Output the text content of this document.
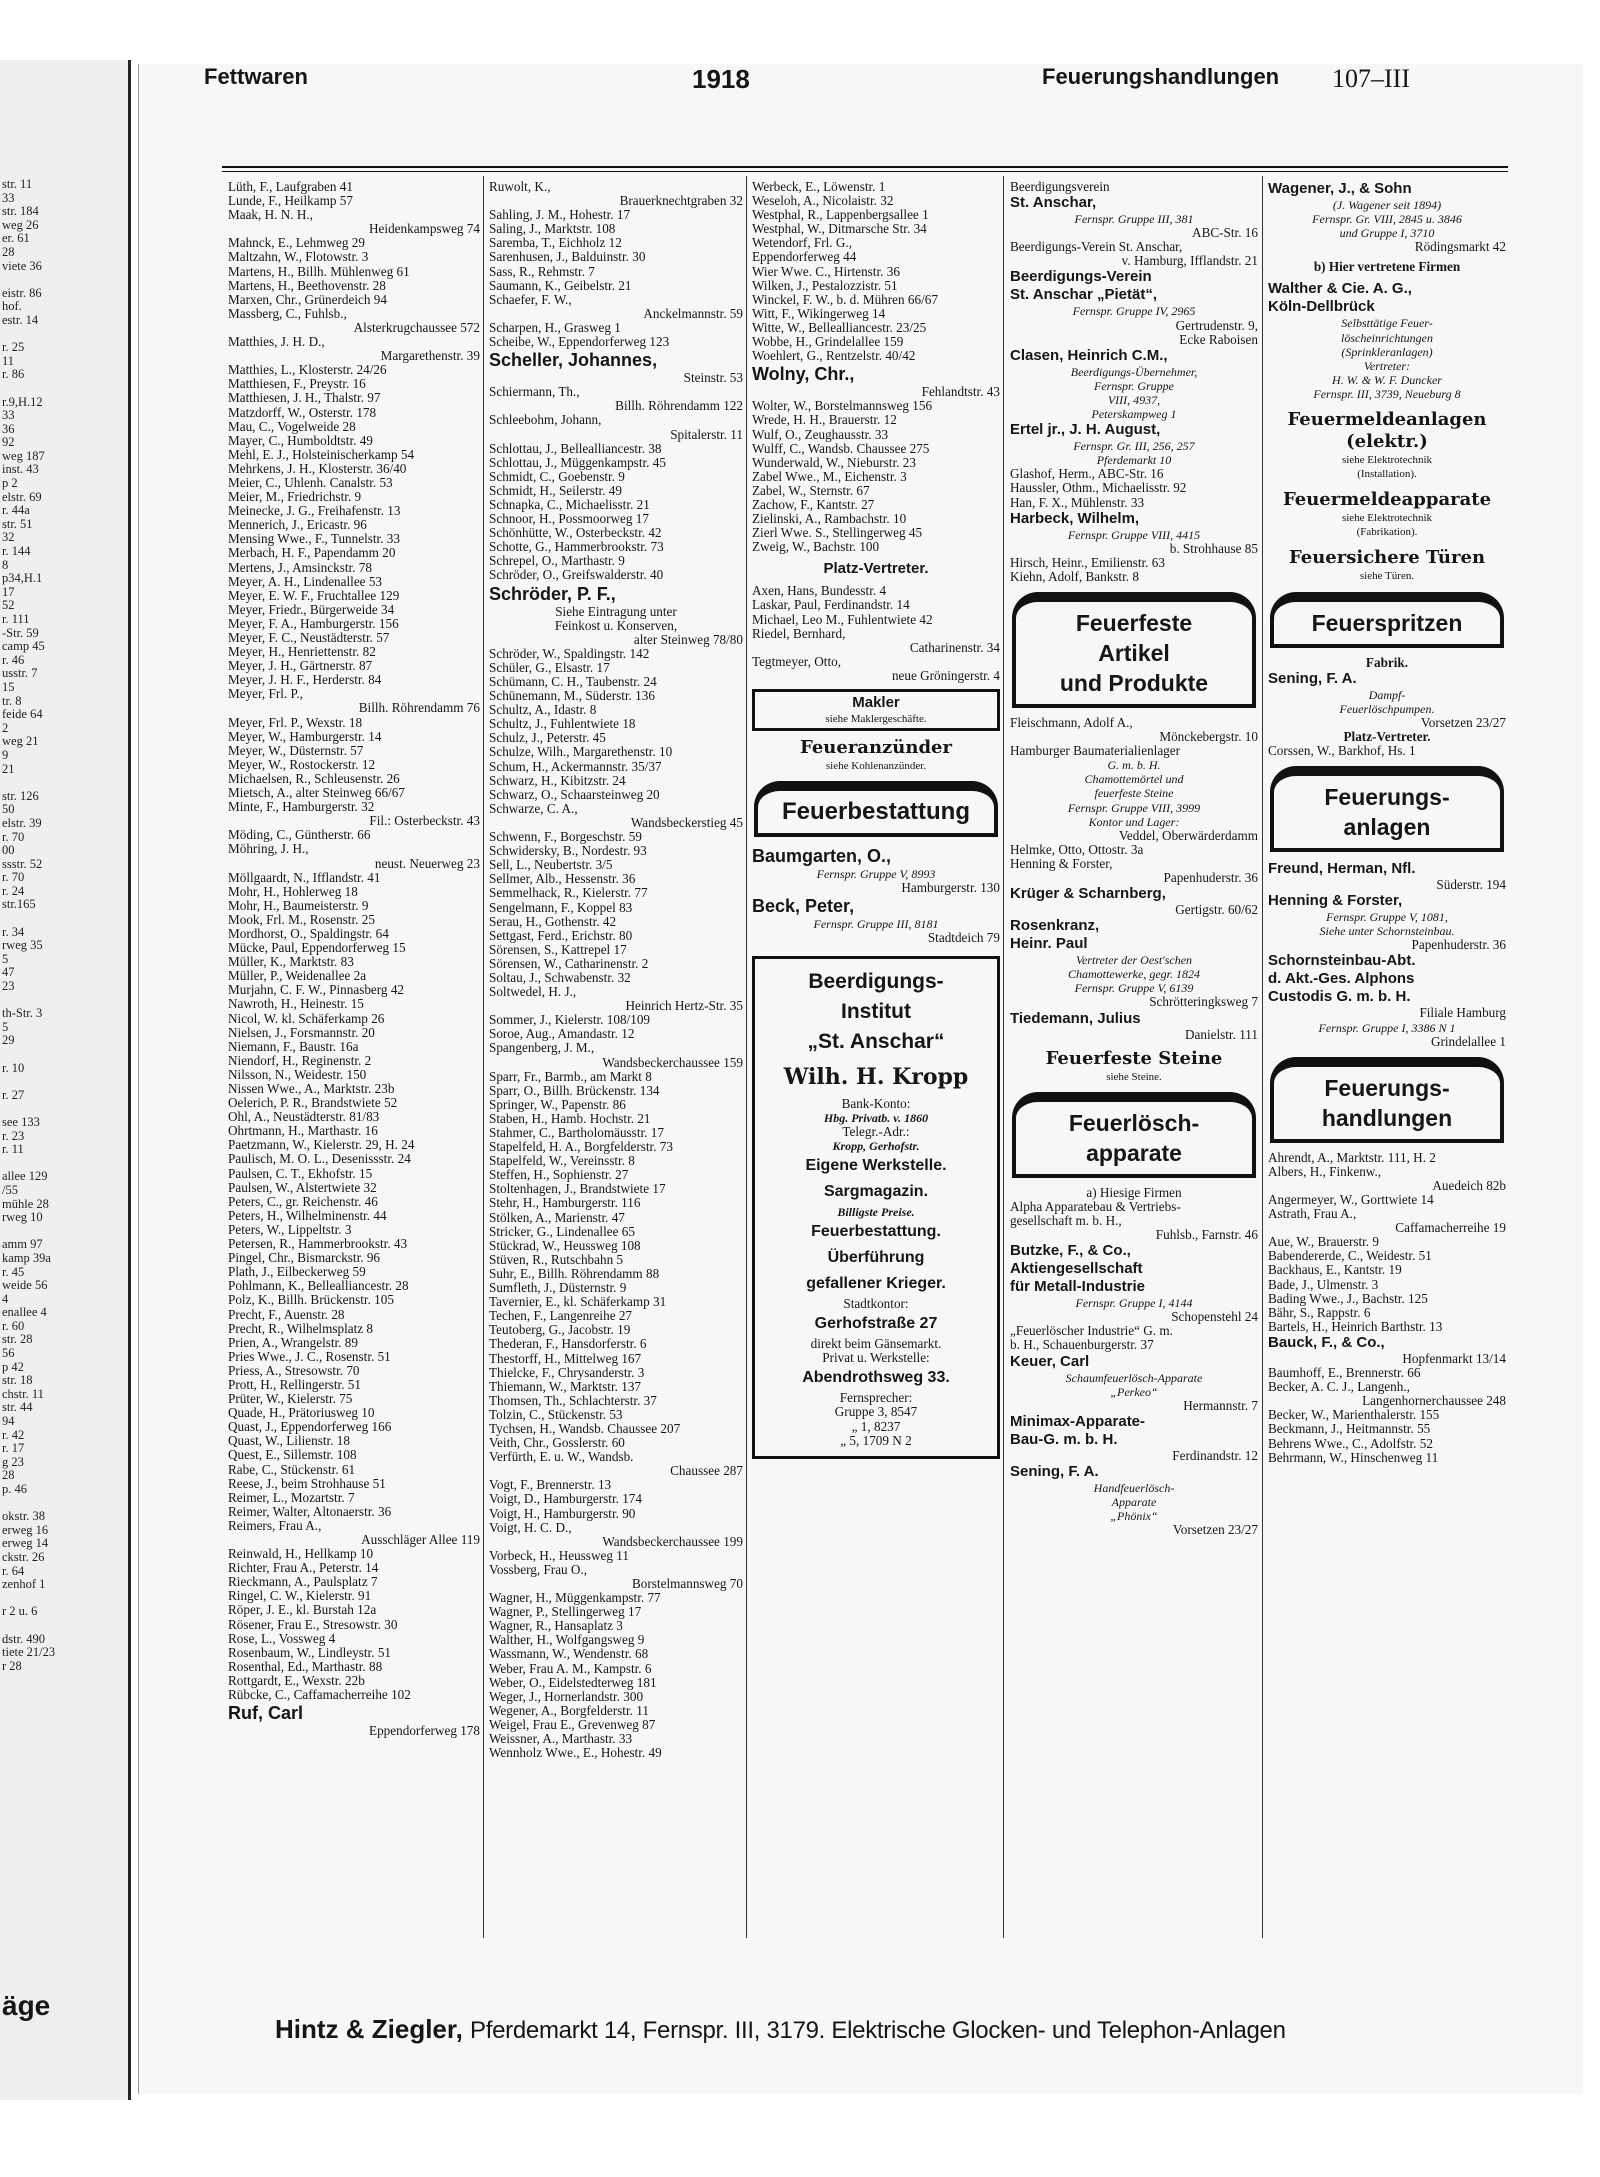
str. 11
33
str. 184
weg 26
er. 61
28
viete 36

eistr. 86
hof.
estr. 14

r. 25
11
r. 86

r.9,H.12
33
36
92
weg 187
inst. 43
p 2
elstr. 69
r. 44a
str. 51
32
r. 144
8
p34,H.1
17
52
r. 111
-Str. 59
camp 45
r. 46
usstr. 7
15
tr. 8
feide 64
2
weg 21
9
21

str. 126
50
elstr. 39
r. 70
00
ssstr. 52
r. 70
r. 24
str.165

r. 34
rweg 35
5
47
23

th-Str. 3
5
29

r. 10

r. 27

see 133
r. 23
r. 11

allee 129
/55
mühle 28
rweg 10

amm 97
kamp 39a
r. 45
weide 56
4
enallee 4
r. 60
str. 28
56
p 42
str. 18
chstr. 11
str. 44
94
r. 42
r. 17
g 23
28
p. 46

okstr. 38
erweg 16
erweg 14
ckstr. 26
r. 64
zenhof 1

r 2 u. 6

dstr. 490
tiete 21/23
r 28
äge
Fettwaren	1918	Feuerungshandlungen 107–III
Lüth, F., Laufgraben 41
Lunde, F., Heilkamp 57
Maak, H. N. H.,
Heidenkampsweg 74
Mahnck, E., Lehmweg 29
Maltzahn, W., Flotowstr. 3
Martens, H., Billh. Mühlenweg 61
Martens, H., Beethovenstr. 28
Marxen, Chr., Grünerdeich 94
Massberg, C., Fuhlsb.,
Alsterkrugchaussee 572
Matthies, J. H. D.,
Margarethenstr. 39
Matthies, L., Klosterstr. 24/26
Matthiesen, F., Preystr. 16
Matthiesen, J. H., Thalstr. 97
Matzdorff, W., Osterstr. 178
Mau, C., Vogelweide 28
Mayer, C., Humboldtstr. 49
Mehl, E. J., Holsteinischerkamp 54
Mehrkens, J. H., Klosterstr. 36/40
Meier, C., Uhlenh. Canalstr. 53
Meier, M., Friedrichstr. 9
Meinecke, J. G., Freihafenstr. 13
Mennerich, J., Ericastr. 96
Mensing Wwe., F., Tunnelstr. 33
Merbach, H. F., Papendamm 20
Mertens, J., Amsinckstr. 78
Meyer, A. H., Lindenallee 53
Meyer, E. W. F., Fruchtallee 129
Meyer, Friedr., Bürgerweide 34
Meyer, F. A., Hamburgerstr. 156
Meyer, F. C., Neustädterstr. 57
Meyer, H., Henriettenstr. 82
Meyer, J. H., Gärtnerstr. 87
Meyer, J. H. F., Herderstr. 84
Meyer, Frl. P.,
Billh. Röhrendamm 76
Meyer, Frl. P., Wexstr. 18
Meyer, W., Hamburgerstr. 14
Meyer, W., Düsternstr. 57
Meyer, W., Rostockerstr. 12
Michaelsen, R., Schleusenstr. 26
Mietsch, A., alter Steinweg 66/67
Minte, F., Hamburgerstr. 32
Fil.: Osterbeckstr. 43
Möding, C., Güntherstr. 66
Möhring, J. H.,
neust. Neuerweg 23
Möllgaardt, N., Ifflandstr. 41
Mohr, H., Hohlerweg 18
Mohr, H., Baumeisterstr. 9
Mook, Frl. M., Rosenstr. 25
Mordhorst, O., Spaldingstr. 64
Mücke, Paul, Eppendorferweg 15
Müller, K., Marktstr. 83
Müller, P., Weidenallee 2a
Murjahn, C. F. W., Pinnasberg 42
Nawroth, H., Heinestr. 15
Nicol, W. kl. Schäferkamp 26
Nielsen, J., Forsmannstr. 20
Niemann, F., Baustr. 16a
Niendorf, H., Reginenstr. 2
Nilsson, N., Weidestr. 150
Nissen Wwe., A., Marktstr. 23b
Oelerich, P. R., Brandstwiete 52
Ohl, A., Neustädterstr. 81/83
Ohrtmann, H., Marthastr. 16
Paetzmann, W., Kielerstr. 29, H. 24
Paulisch, M. O. L., Desenissstr. 24
Paulsen, C. T., Ekhofstr. 15
Paulsen, W., Alstertwiete 32
Peters, C., gr. Reichenstr. 46
Peters, H., Wilhelminenstr. 44
Peters, W., Lippeltstr. 3
Petersen, R., Hammerbrookstr. 43
Pingel, Chr., Bismarckstr. 96
Plath, J., Eilbeckerweg 59
Pohlmann, K., Bellealliancestr. 28
Polz, K., Billh. Brückenstr. 105
Precht, F., Auenstr. 28
Precht, R., Wilhelmsplatz 8
Prien, A., Wrangelstr. 89
Pries Wwe., J. C., Rosenstr. 51
Priess, A., Stresowstr. 70
Prott, H., Rellingerstr. 51
Prüter, W., Kielerstr. 75
Quade, H., Prätoriusweg 10
Quast, J., Eppendorferweg 166
Quast, W., Lilienstr. 18
Quest, E., Sillemstr. 108
Rabe, C., Stückenstr. 61
Reese, J., beim Strohhause 51
Reimer, L., Mozartstr. 7
Reimer, Walter, Altonaerstr. 36
Reimers, Frau A.,
Ausschläger Allee 119
Reinwald, H., Hellkamp 10
Richter, Frau A., Peterstr. 14
Rieckmann, A., Paulsplatz 7
Ringel, C. W., Kielerstr. 91
Röper, J. E., kl. Burstah 12a
Rösener, Frau E., Stresowstr. 30
Rose, L., Vossweg 4
Rosenbaum, W., Lindleystr. 51
Rosenthal, Ed., Marthastr. 88
Rottgardt, E., Wexstr. 22b
Rübcke, C., Caffamacherreihe 102
Ruf, Carl
Eppendorferweg 178
Ruwolt, K.,
Brauerknechtgraben 32
Sahling, J. M., Hohestr. 17
Saling, J., Marktstr. 108
Saremba, T., Eichholz 12
Sarenhusen, J., Balduinstr. 30
Sass, R., Rehmstr. 7
Saumann, K., Geibelstr. 21
Schaefer, F. W.,
Anckelmannstr. 59
Scharpen, H., Grasweg 1
Scheibe, W., Eppendorferweg 123
Scheller, Johannes,
Steinstr. 53
Schiermann, Th.,
Billh. Röhrendamm 122
Schleebohm, Johann,
Spitalerstr. 11
Schlottau, J., Bellealliancestr. 38
Schlottau, J., Müggenkampstr. 45
Schmidt, C., Goebenstr. 9
Schmidt, H., Seilerstr. 49
Schnapka, C., Michaelisstr. 21
Schnoor, H., Possmoorweg 17
Schönhütte, W., Osterbeckstr. 42
Schotte, G., Hammerbrookstr. 73
Schrepel, O., Marthastr. 9
Schröder, O., Greifswalderstr. 40
Schröder, P. F.,
Siehe Eintragung unter
Feinkost u. Konserven,
alter Steinweg 78/80
Schröder, W., Spaldingstr. 142
Schüler, G., Elsastr. 17
Schümann, C. H., Taubenstr. 24
Schünemann, M., Süderstr. 136
Schultz, A., Idastr. 8
Schultz, J., Fuhlentwiete 18
Schulz, J., Peterstr. 45
Schulze, Wilh., Margarethenstr. 10
Schum, H., Ackermannstr. 35/37
Schwarz, H., Kibitzstr. 24
Schwarz, O., Schaarsteinweg 20
Schwarze, C. A.,
Wandsbeckerstieg 45
Schwenn, F., Borgeschstr. 59
Schwidersky, B., Nordestr. 93
Sell, L., Neubertstr. 3/5
Sellmer, Alb., Hessenstr. 36
Semmelhack, R., Kielerstr. 77
Sengelmann, F., Koppel 83
Serau, H., Gothenstr. 42
Settgast, Ferd., Erichstr. 80
Sörensen, S., Kattrepel 17
Sörensen, W., Catharinenstr. 2
Soltau, J., Schwabenstr. 32
Soltwedel, H. J.,
Heinrich Hertz-Str. 35
Sommer, J., Kielerstr. 108/109
Soroe, Aug., Amandastr. 12
Spangenberg, J. M.,
Wandsbeckerchaussee 159
Sparr, Fr., Barmb., am Markt 8
Sparr, O., Billh. Brückenstr. 134
Springer, W., Papenstr. 86
Staben, H., Hamb. Hochstr. 21
Stahmer, C., Bartholomäusstr. 17
Stapelfeld, H. A., Borgfelderstr. 73
Stapelfeld, W., Vereinsstr. 8
Steffen, H., Sophienstr. 27
Stoltenhagen, J., Brandstwiete 17
Stehr, H., Hamburgerstr. 116
Stölken, A., Marienstr. 47
Stricker, G., Lindenallee 65
Stückrad, W., Heussweg 108
Stüven, R., Rutschbahn 5
Suhr, E., Billh. Röhrendamm 88
Sumfleth, J., Düsternstr. 9
Tavernier, E., kl. Schäferkamp 31
Techen, F., Langenreihe 27
Teutoberg, G., Jacobstr. 19
Thederan, F., Hansdorferstr. 6
Thestorff, H., Mittelweg 167
Thielcke, F., Chrysanderstr. 3
Thiemann, W., Marktstr. 137
Thomsen, Th., Schlachterstr. 37
Tolzin, C., Stückenstr. 53
Tychsen, H., Wandsb. Chaussee 207
Veith, Chr., Gosslerstr. 60
Verfürth, E. u. W., Wandsb.
Chaussee 287
Vogt, F., Brennerstr. 13
Voigt, D., Hamburgerstr. 174
Voigt, H., Hamburgerstr. 90
Voigt, H. C. D.,
Wandsbeckerchaussee 199
Vorbeck, H., Heussweg 11
Vossberg, Frau O.,
Borstelmannsweg 70
Wagner, H., Müggenkampstr. 77
Wagner, P., Stellingerweg 17
Wagner, R., Hansaplatz 3
Walther, H., Wolfgangsweg 9
Wassmann, W., Wendenstr. 68
Weber, Frau A. M., Kampstr. 6
Weber, O., Eidelstedterweg 181
Weger, J., Hornerlandstr. 300
Wegener, A., Borgfelderstr. 11
Weigel, Frau E., Grevenweg 87
Weissner, A., Marthastr. 33
Wennholz Wwe., E., Hohestr. 49
Werbeck, E., Löwenstr. 1
Weseloh, A., Nicolaistr. 32
Westphal, R., Lappenbergsallee 1
Westphal, W., Ditmarsche Str. 34
Wetendorf, Frl. G.,
Eppendorferweg 44
Wier Wwe. C., Hirtenstr. 36
Wilken, J., Pestalozzistr. 51
Winckel, F. W., b. d. Mühren 66/67
Witt, F., Wikingerweg 14
Witte, W., Bellealliancestr. 23/25
Wobbe, H., Grindelallee 159
Woehlert, G., Rentzelstr. 40/42
Wolny, Chr.,
Fehlandtstr. 43
Wolter, W., Borstelmannsweg 156
Wrede, H. H., Brauerstr. 12
Wulf, O., Zeughausstr. 33
Wulff, C., Wandsb. Chaussee 275
Wunderwald, W., Nieburstr. 23
Zabel Wwe., M., Eichenstr. 3
Zabel, W., Sternstr. 67
Zachow, F., Kantstr. 27
Zielinski, A., Rambachstr. 10
Zierl Wwe. S., Stellingerweg 45
Zweig, W., Bachstr. 100
Platz-Vertreter.
Axen, Hans, Bundesstr. 4
Laskar, Paul, Ferdinandstr. 14
Michael, Leo M., Fuhlentwiete 42
Riedel, Bernhard,
Catharinenstr. 34
Tegtmeyer, Otto,
neue Gröningerstr. 4
Makler
siehe Maklergeschäfte.
Feueranzünder
siehe Kohlenanzünder.
Feuerbestattung
Baumgarten, O.,
Fernspr. Gruppe V, 8993
Hamburgerstr. 130
Beck, Peter,
Fernspr. Gruppe III, 8181
Stadtdeich 79
Beerdigungs-
Institut
„St. Anschar“
Wilh. H. Kropp
Bank-Konto:
Hbg. Privatb. v. 1860
Telegr.-Adr.:
Kropp, Gerhofstr.
Eigene Werkstelle.
Sargmagazin.
Billigste Preise.
Feuerbestattung.
Überführung
gefallener Krieger.
Stadtkontor:
Gerhofstraße 27
direkt beim Gänsemarkt.
Privat u. Werkstelle:
Abendrothsweg 33.
Fernsprecher:
Gruppe 3, 8547
„ 1, 8237
„ 5, 1709 N 2
Beerdigungsverein
St. Anschar,
Fernspr. Gruppe III, 381
ABC-Str. 16
Beerdigungs-Verein St. Anschar,
v. Hamburg, Ifflandstr. 21
Beerdigungs-Verein
St. Anschar „Pietät“,
Fernspr. Gruppe IV, 2965
Gertrudenstr. 9,
Ecke Raboisen
Clasen, Heinrich C.M.,
Beerdigungs-Übernehmer,
Fernspr. Gruppe
VIII, 4937,
Peterskampweg 1
Ertel jr., J. H. August,
Fernspr. Gr. III, 256, 257
Pferdemarkt 10
Glashof, Herm., ABC-Str. 16
Haussler, Othm., Michaelisstr. 92
Han, F. X., Mühlenstr. 33
Harbeck, Wilhelm,
Fernspr. Gruppe VIII, 4415
b. Strohhause 85
Hirsch, Heinr., Emilienstr. 63
Kiehn, Adolf, Bankstr. 8
Feuerfeste
Artikel
und Produkte
Fleischmann, Adolf A.,
Mönckebergstr. 10
Hamburger Baumaterialienlager
G. m. b. H.
Chamottemörtel und
feuerfeste Steine
Fernspr. Gruppe VIII, 3999
Kontor und Lager:
Veddel, Oberwärderdamm
Helmke, Otto, Ottostr. 3a
Henning & Forster,
Papenhuderstr. 36
Krüger & Scharnberg,
Gertigstr. 60/62
Rosenkranz,
Heinr. Paul
Vertreter der Oest'schen
Chamottewerke, gegr. 1824
Fernspr. Gruppe V, 6139
Schrötteringksweg 7
Tiedemann, Julius
Danielstr. 111
Feuerfeste Steine
siehe Steine.
Feuerlösch-
apparate
a) Hiesige Firmen
Alpha Apparatebau & Vertriebs-
gesellschaft m. b. H.,
Fuhlsb., Farnstr. 46
Butzke, F., & Co.,
Aktiengesellschaft
für Metall-Industrie
Fernspr. Gruppe I, 4144
Schopenstehl 24
„Feuerlöscher Industrie“ G. m.
b. H., Schauenburgerstr. 37
Keuer, Carl
Schaumfeuerlösch-Apparate
„Perkeo“
Hermannstr. 7
Minimax-Apparate-
Bau-G. m. b. H.
Ferdinandstr. 12
Sening, F. A.
Handfeuerlösch-
Apparate
„Phönix“
Vorsetzen 23/27
Wagener, J., & Sohn
(J. Wagener seit 1894)
Fernspr. Gr. VIII, 2845 u. 3846
und Gruppe I, 3710
Rödingsmarkt 42
b) Hier vertretene Firmen
Walther & Cie. A. G.,
Köln-Dellbrück
Selbsttätige Feuer-
löscheinrichtungen
(Sprinkleranlagen)
Vertreter:
H. W. & W. F. Duncker
Fernspr. III, 3739, Neueburg 8
Feuermeldeanlagen (elektr.)
siehe Elektrotechnik
(Installation).
Feuermeldeapparate
siehe Elektrotechnik
(Fabrikation).
Feuersichere Türen
siehe Türen.
Feuerspritzen
Fabrik.
Sening, F. A.
Dampf-
Feuerlöschpumpen.
Vorsetzen 23/27
Platz-Vertreter.
Corssen, W., Barkhof, Hs. 1
Feuerungs-
anlagen
Freund, Herman, Nfl.
Süderstr. 194
Henning & Forster,
Fernspr. Gruppe V, 1081,
Siehe unter Schornsteinbau.
Papenhuderstr. 36
Schornsteinbau-Abt.
d. Akt.-Ges. Alphons
Custodis G. m. b. H.
Filiale Hamburg
Fernspr. Gruppe I, 3386 N 1
Grindelallee 1
Feuerungs-
handlungen
Ahrendt, A., Marktstr. 111, H. 2
Albers, H., Finkenw.,
Auedeich 82b
Angermeyer, W., Gorttwiete 14
Astrath, Frau A.,
Caffamacherreihe 19
Aue, W., Brauerstr. 9
Babendererde, C., Weidestr. 51
Backhaus, E., Kantstr. 19
Bade, J., Ulmenstr. 3
Bading Wwe., J., Bachstr. 125
Bähr, S., Rappstr. 6
Bartels, H., Heinrich Barthstr. 13
Bauck, F., & Co.,
Hopfenmarkt 13/14
Baumhoff, E., Brennerstr. 66
Becker, A. C. J., Langenh.,
Langenhornerchaussee 248
Becker, W., Marienthalerstr. 155
Beckmann, J., Heitmannstr. 55
Behrens Wwe., C., Adolfstr. 52
Behrmann, W., Hinschenweg 11
Hintz & Ziegler, Pferdemarkt 14, Fernspr. III, 3179. Elektrische Glocken- und Telephon-Anlagen
